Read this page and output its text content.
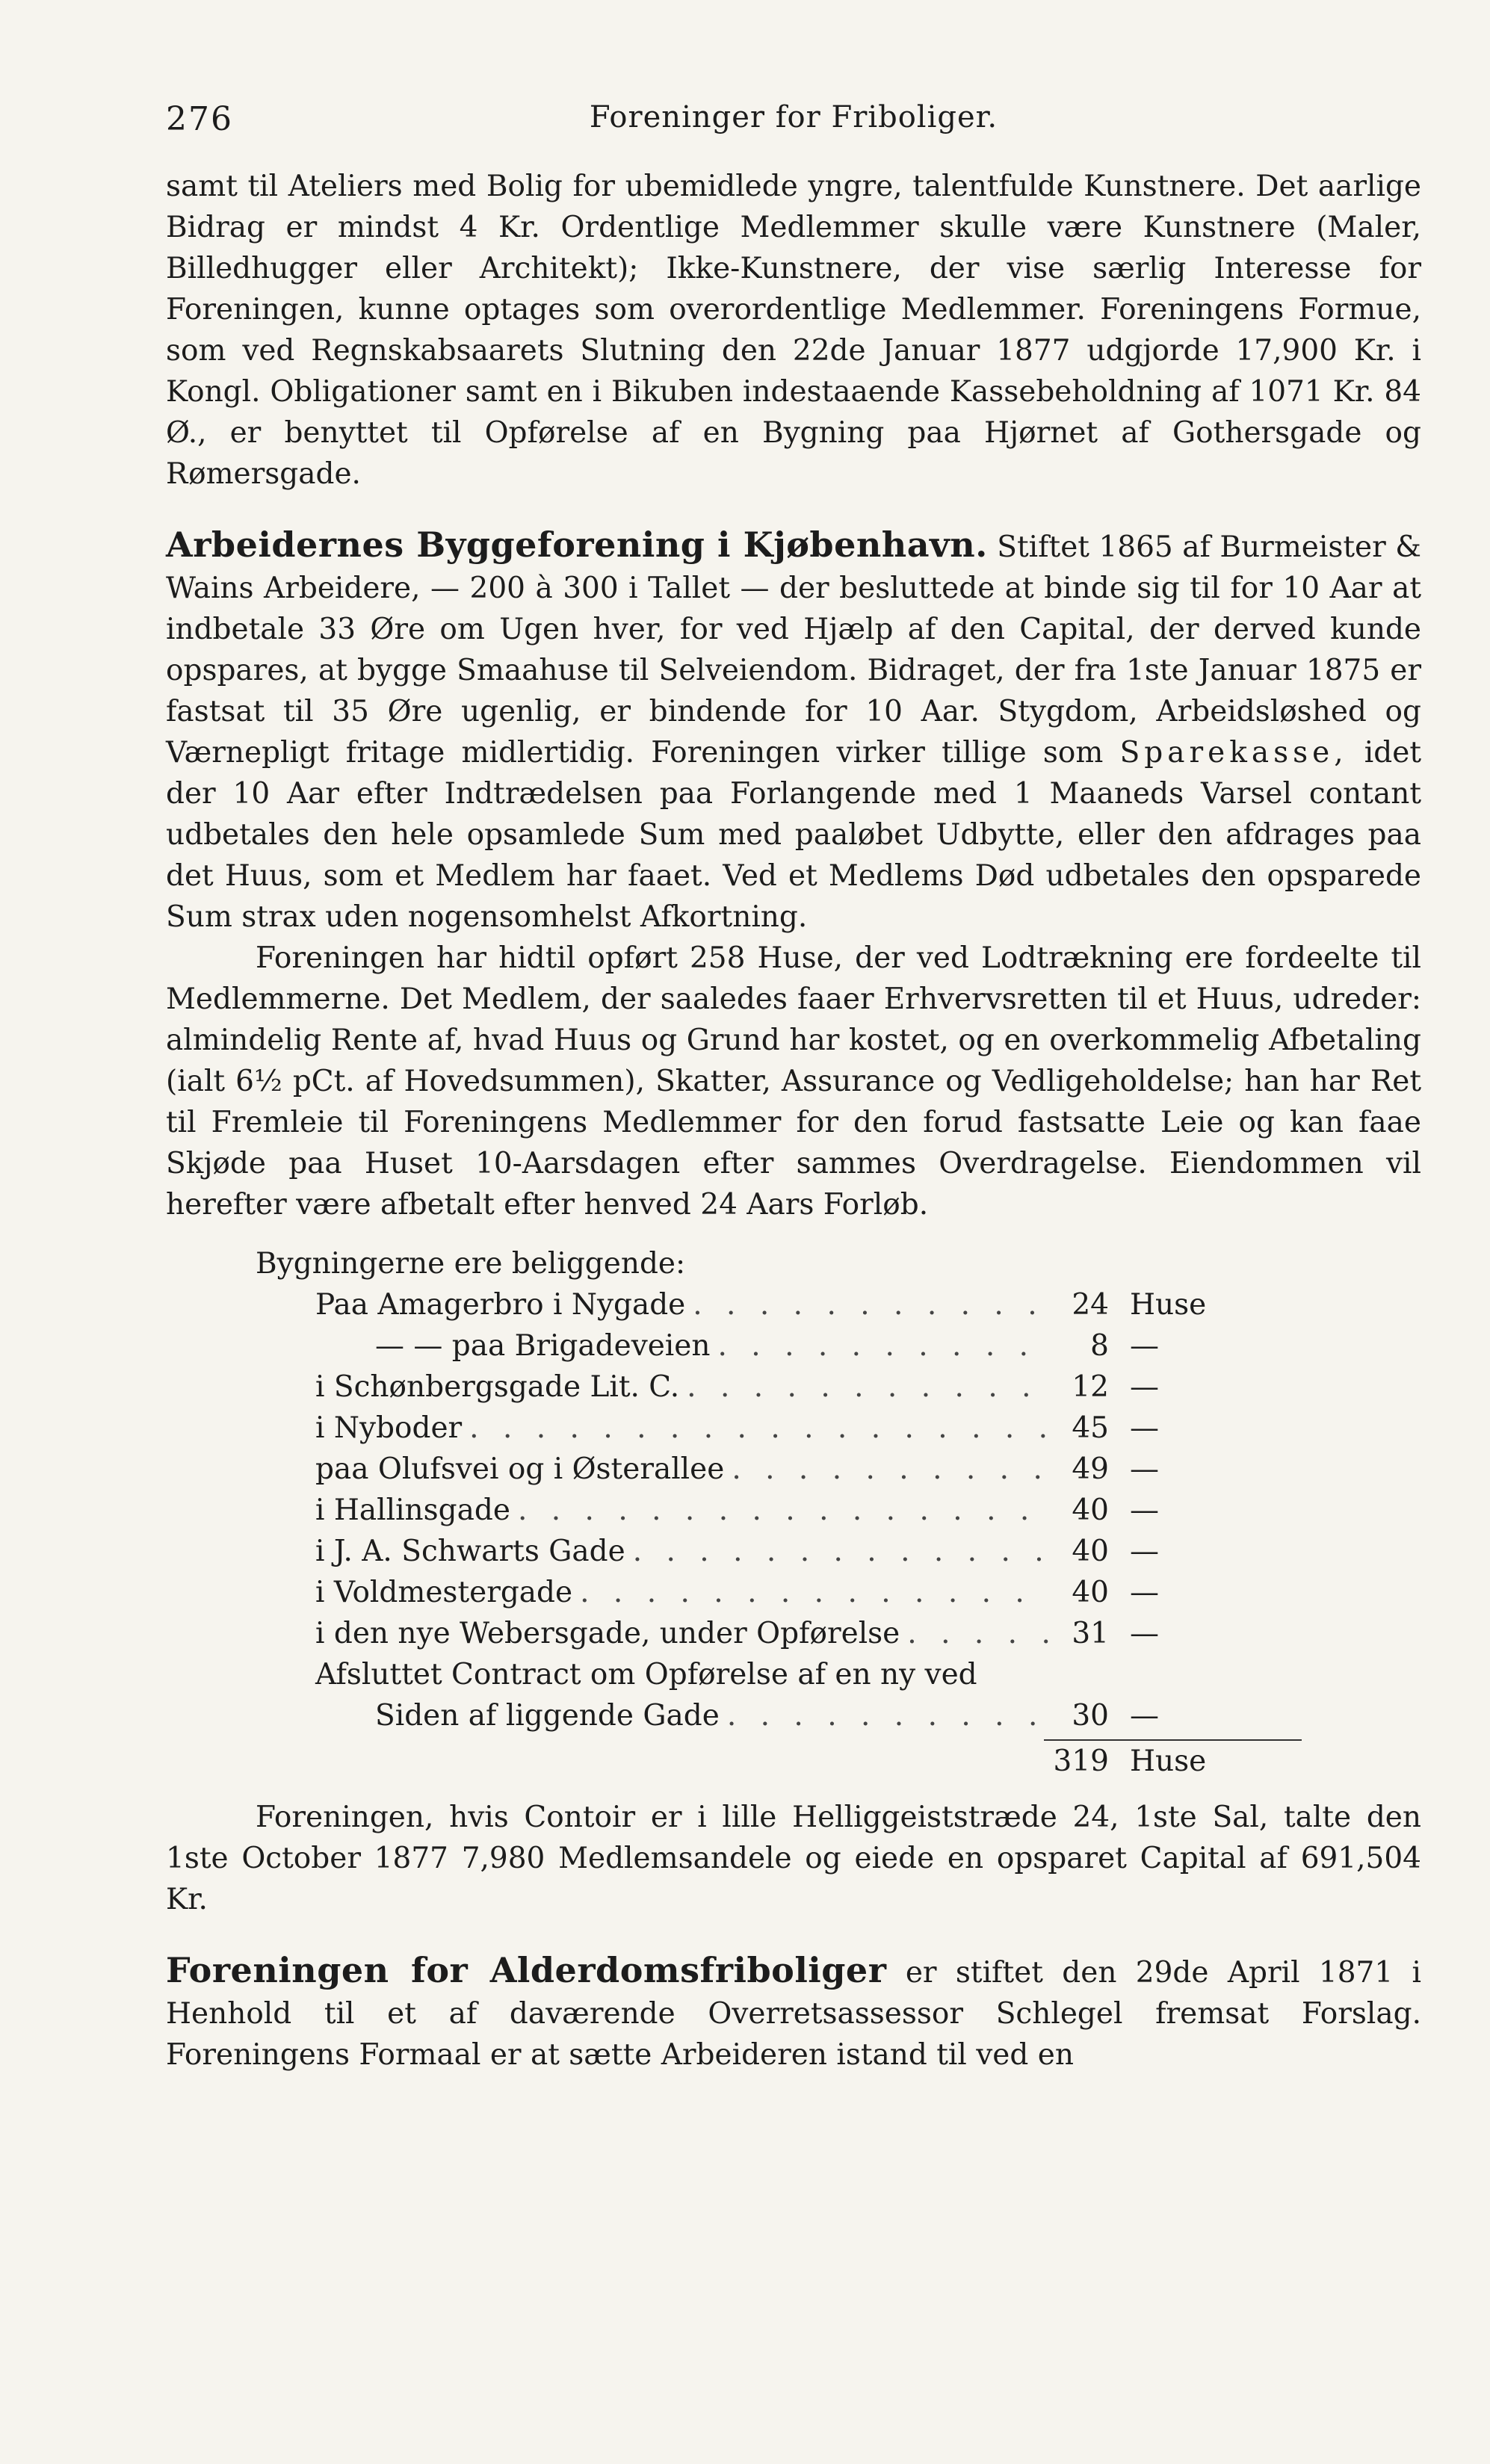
276	Foreninger for Friboliger.

samt til Ateliers med Bolig for ubemidlede yngre, talentfulde Kunstnere. Det aarlige Bidrag er mindst 4 Kr. Ordentlige Medlemmer skulle være Kunstnere (Maler, Billedhugger eller Architekt); Ikke-Kunstnere, der vise særlig Interesse for Foreningen, kunne optages som overordentlige Medlemmer. Foreningens Formue, som ved Regnskabsaarets Slutning den 22de Januar 1877 udgjorde 17,900 Kr. i Kongl. Obligationer samt en i Bikuben indestaaende Kassebeholdning af 1071 Kr. 84 Ø., er benyttet til Opførelse af en Bygning paa Hjørnet af Gothersgade og Rømersgade.

Arbeidernes Byggeforening i Kjøbenhavn. Stiftet 1865 af Burmeister & Wains Arbeidere, — 200 à 300 i Tallet — der besluttede at binde sig til for 10 Aar at indbetale 33 Øre om Ugen hver, for ved Hjælp af den Capital, der derved kunde opspares, at bygge Smaahuse til Selveiendom. Bidraget, der fra 1ste Januar 1875 er fastsat til 35 Øre ugenlig, er bindende for 10 Aar. Stygdom, Arbeidsløshed og Værnepligt fritage midlertidig. Foreningen virker tillige som Sparekasse, idet der 10 Aar efter Indtrædelsen paa Forlangende med 1 Maaneds Varsel contant udbetales den hele opsamlede Sum med paaløbet Udbytte, eller den afdrages paa det Huus, som et Medlem har faaet. Ved et Medlems Død udbetales den opsparede Sum strax uden nogensomhelst Afkortning.

Foreningen har hidtil opført 258 Huse, der ved Lodtrækning ere fordeelte til Medlemmerne. Det Medlem, der saaledes faaer Erhvervsretten til et Huus, udreder: almindelig Rente af, hvad Huus og Grund har kostet, og en overkommelig Afbetaling (ialt 6½ pCt. af Hovedsummen), Skatter, Assurance og Vedligeholdelse; han har Ret til Fremleie til Foreningens Medlemmer for den forud fastsatte Leie og kan faae Skjøde paa Huset 10-Aarsdagen efter sammes Overdragelse. Eiendommen vil herefter være afbetalt efter henved 24 Aars Forløb.

Bygningerne ere beliggende:
Paa Amagerbro i Nygade . . .	24 Huse
— — paa Brigadeveien . . .	8 —
i Schønbergsgade Lit. C. . . .	12 —
i Nyboder . . .	45 —
paa Olufsvei og i Østerallee . . .	49 —
i Hallinsgade . . .	40 —
i J. A. Schwarts Gade . . .	40 —
i Voldmestergade . . .	40 —
i den nye Webersgade, under Opførelse . . .	31 —
Afsluttet Contract om Opførelse af en ny ved
Siden af liggende Gade . . .	30 —
319 Huse

Foreningen, hvis Contoir er i lille Helliggeiststræde 24, 1ste Sal, talte den 1ste October 1877 7,980 Medlemsandele og eiede en opsparet Capital af 691,504 Kr.

Foreningen for Alderdomsfriboliger er stiftet den 29de April 1871 i Henhold til et af daværende Overretsassessor Schlegel fremsat Forslag. Foreningens Formaal er at sætte Arbeideren istand til ved en
